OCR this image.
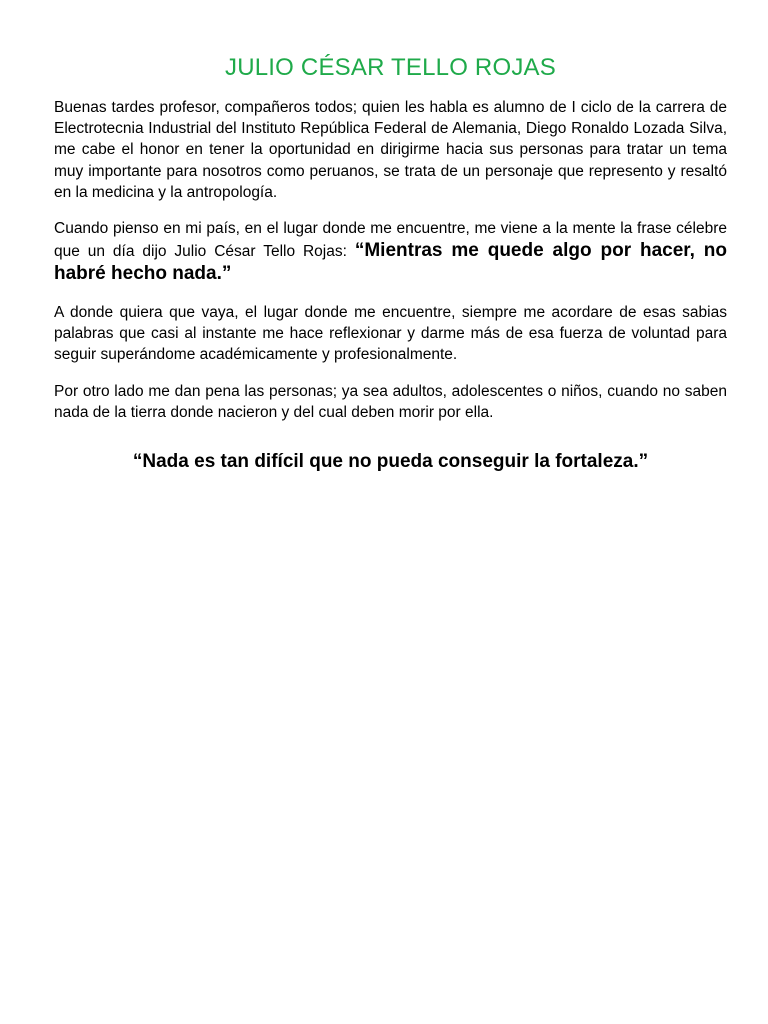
JULIO CÉSAR TELLO ROJAS

Buenas tardes profesor, compañeros todos; quien les habla es alumno de I ciclo de la carrera de Electrotecnia Industrial del Instituto República Federal de Alemania, Diego Ronaldo Lozada Silva, me cabe el honor en tener la oportunidad en dirigirme hacia sus personas para tratar un tema muy importante para nosotros como peruanos, se trata de un personaje que represento y resaltó en la medicina y la antropología.

Cuando pienso en mi país, en el lugar donde me encuentre, me viene a la mente la frase célebre que un día dijo Julio César Tello Rojas: “Mientras me quede algo por hacer, no habré hecho nada.”

A donde quiera que vaya, el lugar donde me encuentre, siempre me acordare de esas sabias palabras que casi al instante me hace reflexionar y darme más de esa fuerza de voluntad para seguir superándome académicamente y profesionalmente.

Por otro lado me dan pena las personas; ya sea adultos, adolescentes o niños, cuando no saben nada de la tierra donde nacieron y del cual deben morir por ella.

“Nada es tan difícil que no pueda conseguir la fortaleza.”
